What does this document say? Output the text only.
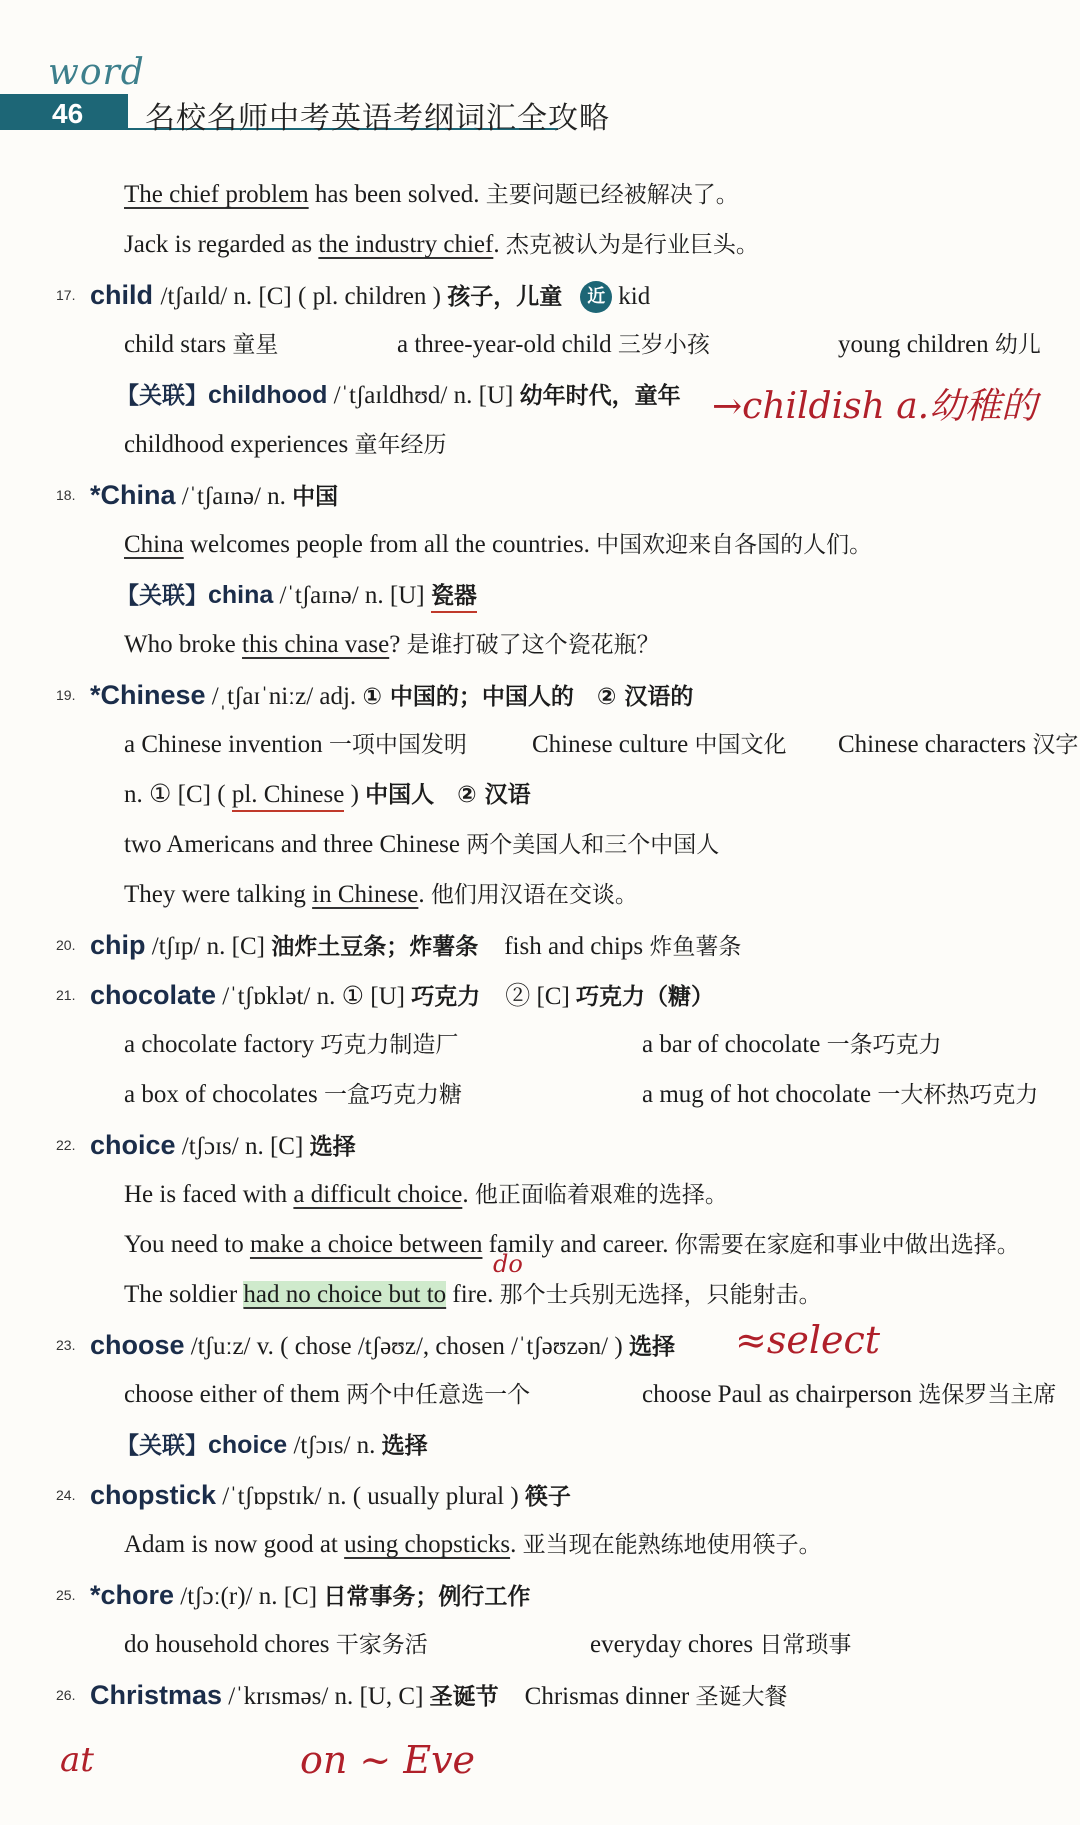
word
46 名校名师中考英语考纲词汇全攻略
The chief problem has been solved. 主要问题已经被解决了。
Jack is regarded as the industry chief. 杰克被认为是行业巨头。
17. child /tʃaɪld/ n. [C] ( pl. children ) 孩子，儿童 近 kid
child stars 童星	a three-year-old child 三岁小孩	young children 幼儿
【关联】childhood /ˈtʃaɪldhʊd/ n. [U] 幼年时代，童年
childhood experiences 童年经历
18. *China /ˈtʃaɪnə/ n. 中国
China welcomes people from all the countries. 中国欢迎来自各国的人们。
【关联】china /ˈtʃaɪnə/ n. [U] 瓷器
Who broke this china vase? 是谁打破了这个瓷花瓶？
19. *Chinese /ˌtʃaɪˈniːz/ adj. ① 中国的；中国人的　② 汉语的
a Chinese invention 一项中国发明	Chinese culture 中国文化 Chinese characters 汉字
n. ① [C] ( pl. Chinese ) 中国人　② 汉语
two Americans and three Chinese 两个美国人和三个中国人
They were talking in Chinese. 他们用汉语在交谈。
20. chip /tʃɪp/ n. [C] 油炸土豆条；炸薯条 fish and chips 炸鱼薯条
21. chocolate /ˈtʃɒklət/ n. ① [U] 巧克力　② [C] 巧克力（糖）
a chocolate factory 巧克力制造厂	a bar of chocolate 一条巧克力
a box of chocolates 一盒巧克力糖	a mug of hot chocolate 一大杯热巧克力
22. choice /tʃɔɪs/ n. [C] 选择
He is faced with a difficult choice. 他正面临着艰难的选择。
You need to make a choice between family and career. 你需要在家庭和事业中做出选择。
The soldier had no choice but to fire. 那个士兵别无选择，只能射击。
23. choose /tʃuːz/ v. ( chose /tʃəʊz/, chosen /ˈtʃəʊzən/ ) 选择
choose either of them 两个中任意选一个	choose Paul as chairperson 选保罗当主席
【关联】choice /tʃɔɪs/ n. 选择
24. chopstick /ˈtʃɒpstɪk/ n. ( usually plural ) 筷子
Adam is now good at using chopsticks. 亚当现在能熟练地使用筷子。
25. *chore /tʃɔː(r)/ n. [C] 日常事务；例行工作
do household chores 干家务活	everyday chores 日常琐事
26. Christmas /ˈkrɪsməs/ n. [U, C] 圣诞节 Chrismas dinner 圣诞大餐
→childish a.幼稚的
≈select
do
at	on ~ Eve
